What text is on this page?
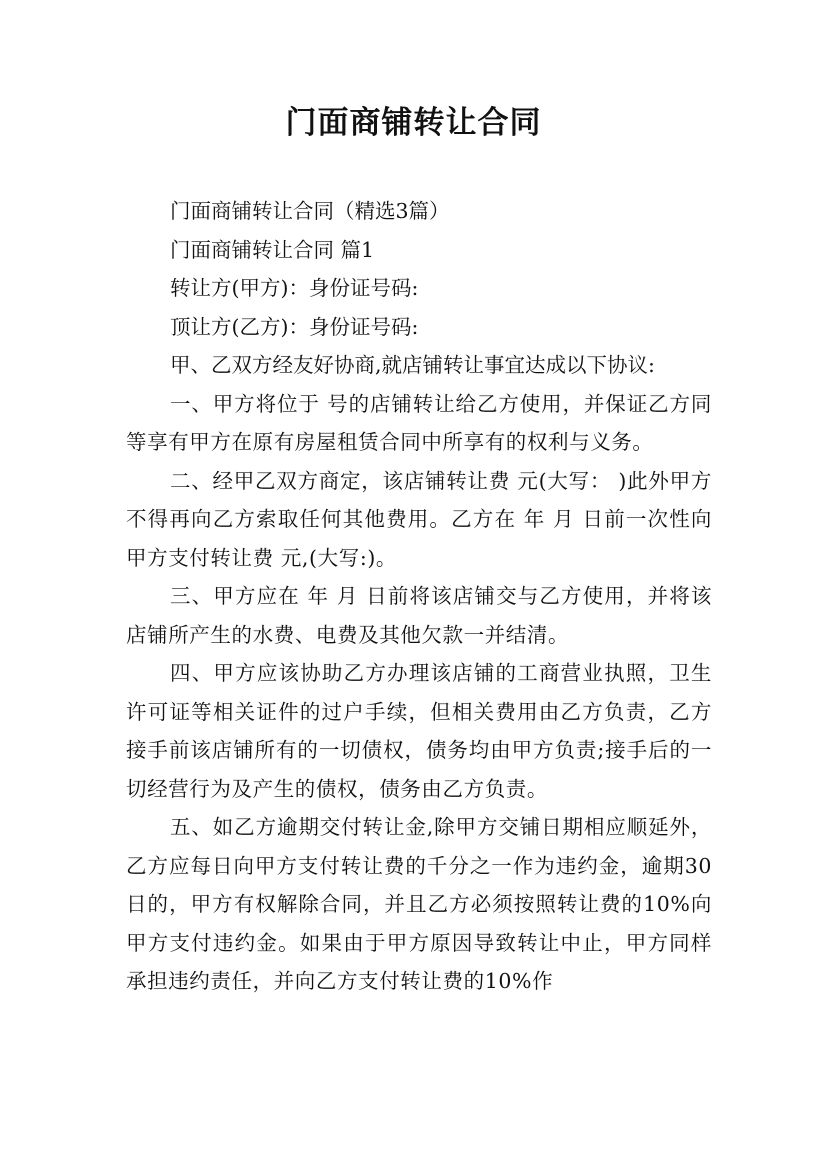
门面商铺转让合同
门面商铺转让合同（精选3篇）
门面商铺转让合同 篇1
转让方(甲方)：身份证号码:
顶让方(乙方)：身份证号码:
甲、乙双方经友好协商,就店铺转让事宜达成以下协议:
一、甲方将位于 号的店铺转让给乙方使用，并保证乙方同等享有甲方在原有房屋租赁合同中所享有的权利与义务。
二、经甲乙双方商定，该店铺转让费 元(大写： )此外甲方不得再向乙方索取任何其他费用。乙方在 年 月 日前一次性向甲方支付转让费 元,(大写:)。
三、甲方应在 年 月 日前将该店铺交与乙方使用，并将该店铺所产生的水费、电费及其他欠款一并结清。
四、甲方应该协助乙方办理该店铺的工商营业执照，卫生许可证等相关证件的过户手续，但相关费用由乙方负责，乙方接手前该店铺所有的一切债权，债务均由甲方负责;接手后的一切经营行为及产生的债权，债务由乙方负责。
五、如乙方逾期交付转让金,除甲方交铺日期相应顺延外，乙方应每日向甲方支付转让费的千分之一作为违约金，逾期30日的，甲方有权解除合同，并且乙方必须按照转让费的10%向甲方支付违约金。如果由于甲方原因导致转让中止，甲方同样承担违约责任，并向乙方支付转让费的10%作
